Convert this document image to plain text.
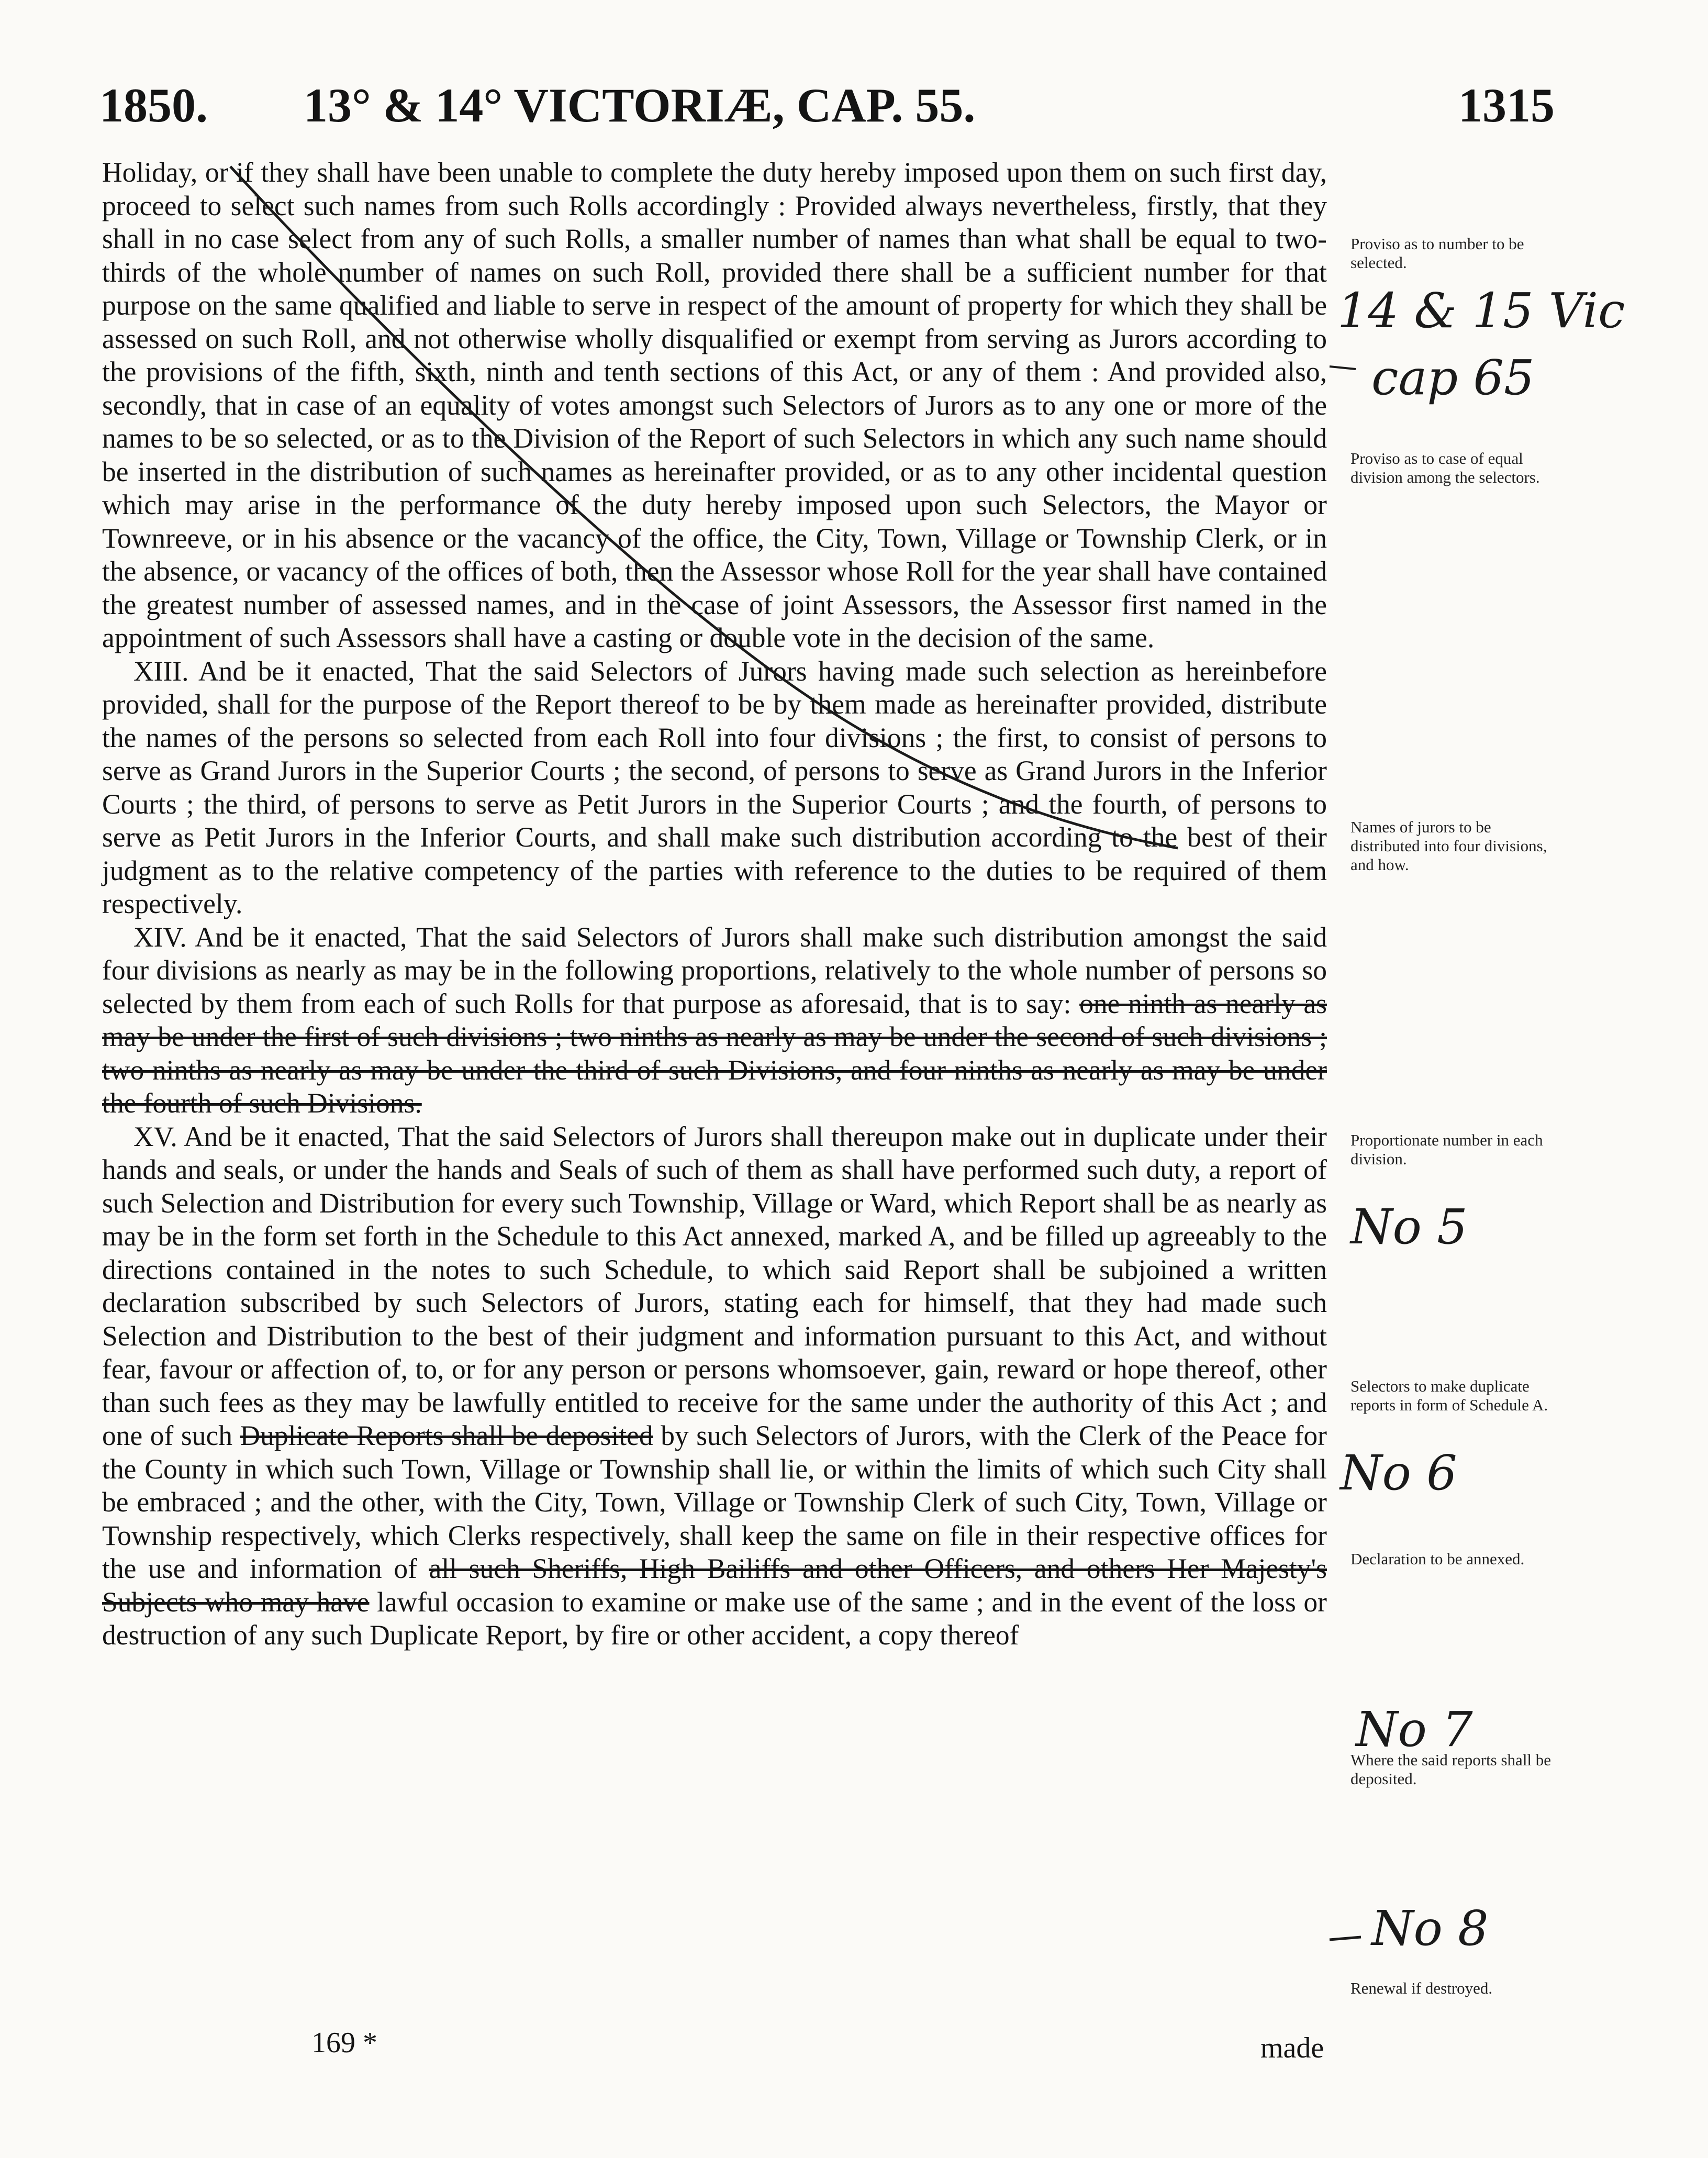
1850. 13° & 14° VICTORIÆ, CAP. 55.	1315

Holiday, or if they shall have been unable to complete the duty hereby imposed upon them on such first day, proceed to select such names from such Rolls accordingly : Provided always nevertheless, firstly, that they shall in no case select from any of such Rolls, a smaller number of names than what shall be equal to two-thirds of the whole number of names on such Roll, provided there shall be a sufficient number for that purpose on the same qualified and liable to serve in respect of the amount of property for which they shall be assessed on such Roll, and not otherwise wholly disqualified or exempt from serving as Jurors according to the provisions of the fifth, sixth, ninth and tenth sections of this Act, or any of them : And provided also, secondly, that in case of an equality of votes amongst such Selectors of Jurors as to any one or more of the names to be so selected, or as to the Division of the Report of such Selectors in which any such name should be inserted in the distribution of such names as hereinafter provided, or as to any other incidental question which may arise in the performance of the duty hereby imposed upon such Selectors, the Mayor or Townreeve, or in his absence or the vacancy of the office, the City, Town, Village or Township Clerk, or in the absence, or vacancy of the offices of both, then the Assessor whose Roll for the year shall have contained the greatest number of assessed names, and in the case of joint Assessors, the Assessor first named in the appointment of such Assessors shall have a casting or double vote in the decision of the same.

XIII. And be it enacted, That the said Selectors of Jurors having made such selection as hereinbefore provided, shall for the purpose of the Report thereof to be by them made as hereinafter provided, distribute the names of the persons so selected from each Roll into four divisions ; the first, to consist of persons to serve as Grand Jurors in the Superior Courts ; the second, of persons to serve as Grand Jurors in the Inferior Courts ; the third, of persons to serve as Petit Jurors in the Superior Courts ; and the fourth, of persons to serve as Petit Jurors in the Inferior Courts, and shall make such distribution according to the best of their judgment as to the relative competency of the parties with reference to the duties to be required of them respectively.

XIV. And be it enacted, That the said Selectors of Jurors shall make such distribution amongst the said four divisions as nearly as may be in the following proportions, relatively to the whole number of persons so selected by them from each of such Rolls for that purpose as aforesaid, that is to say: one ninth as nearly as may be under the first of such divisions ; two ninths as nearly as may be under the second of such divisions ; two ninths as nearly as may be under the third of such Divisions, and four ninths as nearly as may be under the fourth of such Divisions.

XV. And be it enacted, That the said Selectors of Jurors shall thereupon make out in duplicate under their hands and seals, or under the hands and Seals of such of them as shall have performed such duty, a report of such Selection and Distribution for every such Township, Village or Ward, which Report shall be as nearly as may be in the form set forth in the Schedule to this Act annexed, marked A, and be filled up agreeably to the directions contained in the notes to such Schedule, to which said Report shall be subjoined a written declaration subscribed by such Selectors of Jurors, stating each for himself, that they had made such Selection and Distribution to the best of their judgment and information pursuant to this Act, and without fear, favour or affection of, to, or for any person or persons whomsoever, gain, reward or hope thereof, other than such fees as they may be lawfully entitled to receive for the same under the authority of this Act ; and one of such Duplicate Reports shall be deposited by such Selectors of Jurors, with the Clerk of the Peace for the County in which such Town, Village or Township shall lie, or within the limits of which such City shall be embraced ; and the other, with the City, Town, Village or Township Clerk of such City, Town, Village or Township respectively, which Clerks respectively, shall keep the same on file in their respective offices for the use and information of all such Sheriffs, High Bailiffs and other Officers, and others Her Majesty's Subjects who may have lawful occasion to examine or make use of the same ; and in the event of the loss or destruction of any such Duplicate Report, by fire or other accident, a copy thereof

Proviso as to number to be selected.
Proviso as to case of equal division among the selectors.
Names of jurors to be distributed into four divisions, and how.
Proportionate number in each division.
Selectors to make duplicate reports in form of Schedule A.
Declaration to be annexed.
Where the said reports shall be deposited.
Renewal if destroyed.
14 & 15 Vic
cap 65
No 5
No 6
No 7
No 8
169 *	made
